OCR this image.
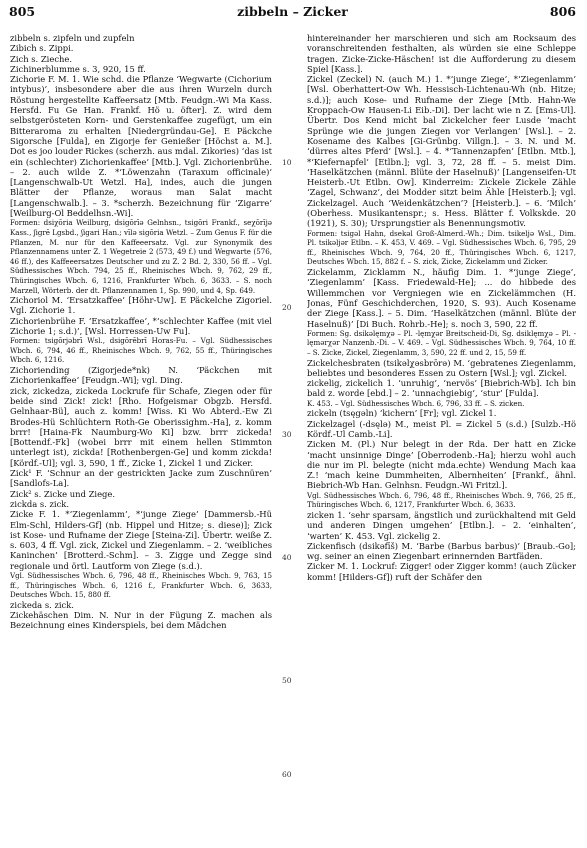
805	zibbeln – Zicker	806

zibbeln s. zipfeln und zupfeln

Zibich s. Zippi.

Zich s. Zieche.

Zichinerblumme s. 3, 920, 15 ff.

Zichorie F. M. 1. Wie schd. die Pflanze ‘Wegwarte (Cichorium intybus)’, insbesondere aber die aus ihren Wurzeln durch Röstung hergestellte Kaffeersatz [Mtb. Feudgn.-Wi Ma Kass. Hersfd. Fu Ge Han. Frankf. Hö u. öfter]. Z. wird dem selbstgerösteten Korn- und Gerstenkaffee zugefügt, um ein Bitteraroma zu erhalten [Niedergründau-Ge]. E Päckche Sigorsche [Fulda], en Zigorje fer Genießer [Höchst a. M.]. Dot es joo louder Rickes (scherzh. aus mdal. Zikories) ‘das ist ein (schlechter) Zichorienkaffee’ [Mtb.]. Vgl. Zichorienbrühe. – 2. auch wilde Z. *‘Löwenzahn (Taraxum officinale)’ [Langenschwalb-Ut Wetzl. Ha], indes, auch die jungen Blätter der Pflanze, woraus man Salat macht [Langenschwalb.]. – 3. *scherzh. Bezeichnung für ‘Zigarre’ [Weilburg-Ol Beddelhsn.-Wi].

Formen: dsiχōria Weilburg, dsigōrīə Gelnhsn., tsigōri Frankf., seχōrījə Kass., ʃigrē Lgsbd., ʃigari Han.; vīlə sigōria Wetzl. – Zum Genus F. für die Pflanzen, M. nur für den Kaffeeersatz. Vgl. zur Synonymik des Pflanzennamens unter Z. 1 Wegetreie 2 (573, 49 f.) und Wegwarte (576, 46 ff.), des Kaffeeersatzes Deutscher und zu Z. 2 Bd. 2, 330, 56 ff. – Vgl. Südhessisches Wbch. 794, 25 ff., Rheinisches Wbch. 9, 762, 29 ff., Thüringisches Wbch. 6, 1216, Frankfurter Wbch. 6, 3633. – S. noch Marzell, Wörterb. der dt. Pflanzennamen 1, Sp. 990, und 4, Sp. 649.

Zichoriol M. ‘Ersatzkaffee’ [Höhr-Uw]. E Päckelche Zigoriel. Vgl. Zichorie 1.

Zichorienbrühe F. ‘Ersatzkaffee’, *‘schlechter Kaffee (mit viel Zichorie 1; s.d.)’, [Wsl. Horressen-Uw Fu].

Formen: tsigōrjəbrī Wsl., dsigōrēbrī Horas-Fu. – Vgl. Südhessisches Wbch. 6, 794, 46 ff., Rheinisches Wbch. 9, 762, 55 ff., Thüringisches Wbch. 6, 1216.

Zichoriending (Zigorjede*nk) N. ‘Päckchen mit Zichorienkaffee’ [Feudgn.-Wi]; vgl. Ding.

zick, zickedza, zickeda Lockrufe für Schafe, Ziegen oder für beide sind Zick! zick! [Rho. Hofgeismar Obgzb. Hersfd. Gelnhaar-Bü], auch z. komm! [Wiss. Ki Wo Abterd.-Ew Zi Brodes-Hü Schlüchtern Roth-Ge Oberissighm.-Ha], z. komm brrr! [Haina-Fk Naumburg-Wo Ki] bzw. brrr zickeda! [Bottendf.-Fk] (wobei brrr mit einem hellen Stimmton unterlegt ist), zickda! [Rothenbergen-Ge] und komm zickda! [Kördf.-Ul]; vgl. 3, 590, 1 ff., Zicke 1, Zickel 1 und Zicker.

Zick¹ F. ‘Schnur an der gestrickten Jacke zum Zuschnüren’ [Sandlofs-La].

Zick² s. Zicke und Ziege.

zickda s. zick.

Zicke F. 1. *‘Ziegenlamm’, *‘junge Ziege’ [Dammersb.-Hü Elm-Schl, Hilders-Gf] (nb. Hippel und Hitze; s. diese)]; Zick ist Kose- und Rufname der Ziege [Steina-Zi]. Übertr. weiße Z. s. 603, 4 ff. Vgl. zick, Zickel und Ziegenlamm. – 2. ‘weibliches Kaninchen’ [Brotterd.-Schm]. – 3. Zigge und Zegge sind regionale und örtl. Lautform von Ziege (s.d.).

Vgl. Südhessisches Wbch. 6, 796, 48 ff., Rheinisches Wbch. 9, 763, 15 ff., Thüringisches Wbch. 6, 1216 f., Frankfurter Wbch. 6, 3633, Deutsches Wbch. 15, 880 ff.

zickeda s. zick.

Zickehäschen Dim. N. Nur in der Fügung Z. machen als Bezeichnung eines Kinderspiels, bei dem Mädchen

10
20
30
40
50
60

hintereinander her marschieren und sich am Rocksaum des voranschreitenden festhalten, als würden sie eine Schleppe tragen. Zicke-Zicke-Häschen! ist die Aufforderung zu diesem Spiel [Kass.].

Zickel (Zeckel) N. (auch M.) 1. *‘junge Ziege’, *‘Ziegenlamm’ [Wsl. Oberhattert-Ow Wh. Hessisch-Lichtenau-Wh (nb. Hitze; s.d.)]; auch Kose- und Rufname der Ziege [Mtb. Hahn-We Kroppach-Ow Hausen-Li Eib.-Di]. Der lacht wie n Z. [Ems-Ul]. Übertr. Dos Kend micht bal Zickelcher feer Lusde ‘macht Sprünge wie die jungen Ziegen vor Verlangen’ [Wsl.]. – 2. Kosename des Kalbes [Gi-Grünbg. Villgn.]. – 3. N. und M. ‘dürres altes Pferd’ [Wsl.]. – 4. *‘Tannenzapfen’ [Etlbn. Mtb.], *‘Kiefernapfel’ [Etlbn.]; vgl. 3, 72, 28 ff. – 5. meist Dim. ‘Haselkätzchen (männl. Blüte der Haselnuß)’ [Langenseifen-Ut Heisterb.-Ut Etlbn. Ow]. Kinderreim: Zickele Zickele Zähle ‘Zagel, Schwanz’, dei Modder sitzt beim Ähle [Heisterb.]; vgl. Zickelzagel. Auch ‘Weidenkätzchen’? [Heisterb.]. – 6. ‘Milch’ (Oberhess. Musikantenspr.; s. Hess. Blätter f. Volkskde. 20 (1921), S. 30); Ursprungstier als Benennungsmotiv.

Formen: tsigəl Hahn, dsekəl Groß-Almerd.-Wh.; Dim. tsikeljə Wsl., Dim. Pl. tsikəljər Etlbn. – K. 453, V. 469. – Vgl. Südhessisches Wbch. 6, 795, 29 ff., Rheinisches Wbch. 9, 764, 20 ff., Thüringisches Wbch. 6, 1217, Deutsches Wbch. 15, 882 f. – S. zick, Zicke, Zickelamm und Zicker.

Zickelamm, Zicklamm N., häufig Dim. 1. *‘junge Ziege’, ‘Ziegenlamm’ [Kass. Friedewald-He]; ... do hibbede des Willemmchen vor Vergniegen wie en Zickelämmchen (H. Jonas, Fünf Geschichderchen, 1920, S. 93). Auch Kosename der Ziege [Kass.]. – 5. Dim. ‘Haselkätzchen (männl. Blüte der Haselnuß)’ [Di Buch. Rohrb.-He]; s. noch 3, 590, 22 ff.

Formen: Sg. dsikəlęmχə – Pl. -lęmχər Breitscheid-Di, Sg. dsiklęmχə – Pl. -lęmərχər Nanzenb.-Di. – V. 469. – Vgl. Südhessisches Wbch. 9, 764, 10 ff. – S. Zicke, Zickel, Ziegenlamm, 3, 590, 22 ff. und 2, 15, 59 ff.

Zickelchesbraten (tsikəlχəsbrōrə) M. ‘gebratenes Ziegenlamm, beliebtes und besonderes Essen zu Ostern [Wsl.]; vgl. Zickel.

zickelig, zickelich 1. ‘unruhig’, ‘nervös’ [Biebrich-Wb]. Ich bin bald z. worde [ebd.] – 2. ‘unnachgiebig’, ‘stur’ [Fulda].

K. 453. – Vgl. Südhessisches Wbch. 6, 796, 33 ff. – S. zicken.

zickeln (tsęgəln) ‘kichern’ [Fr]; vgl. Zickel 1.

Zickelzagel (-dsęlə) M., meist Pl. = Zickel 5 (s.d.) [Sulzb.-Hö Kördf.-Ul Camb.-Li].

Zicken M. (Pl.) Nur belegt in der Rda. Der hatt en Zicke ‘macht unsinnige Dinge’ [Oberrodenb.-Ha]; hierzu wohl auch die nur im Pl. belegte (nicht mda.echte) Wendung Mach kaa Z.! ‘mach keine Dummheiten, Albernheiten’ [Frankf., ähnl. Biebrich-Wb Han. Gelnhsn. Feudgn.-Wi Fritzl.].

Vgl. Südhessisches Wbch. 6, 796, 48 ff., Rheinisches Wbch. 9, 766, 25 ff., Thüringisches Wbch. 6, 1217, Frankfurter Wbch. 6, 3633.

zicken 1. ‘sehr sparsam, ängstlich und zurückhaltend mit Geld und anderen Dingen umgehen’ [Etlbn.]. – 2. ‘einhalten’, ‘warten’ K. 453. Vgl. zickelig 2.

Zickenfisch (dsikəfīš) M. ‘Barbe (Barbus barbus)’ [Braub.-Go]; wg. seiner an einen Ziegenbart erinnernden Bartfäden.

Zicker M. 1. Lockruf: Zigger! oder Zigger komm! (auch Zücker komm! [Hilders-Gf]) ruft der Schäfer den
